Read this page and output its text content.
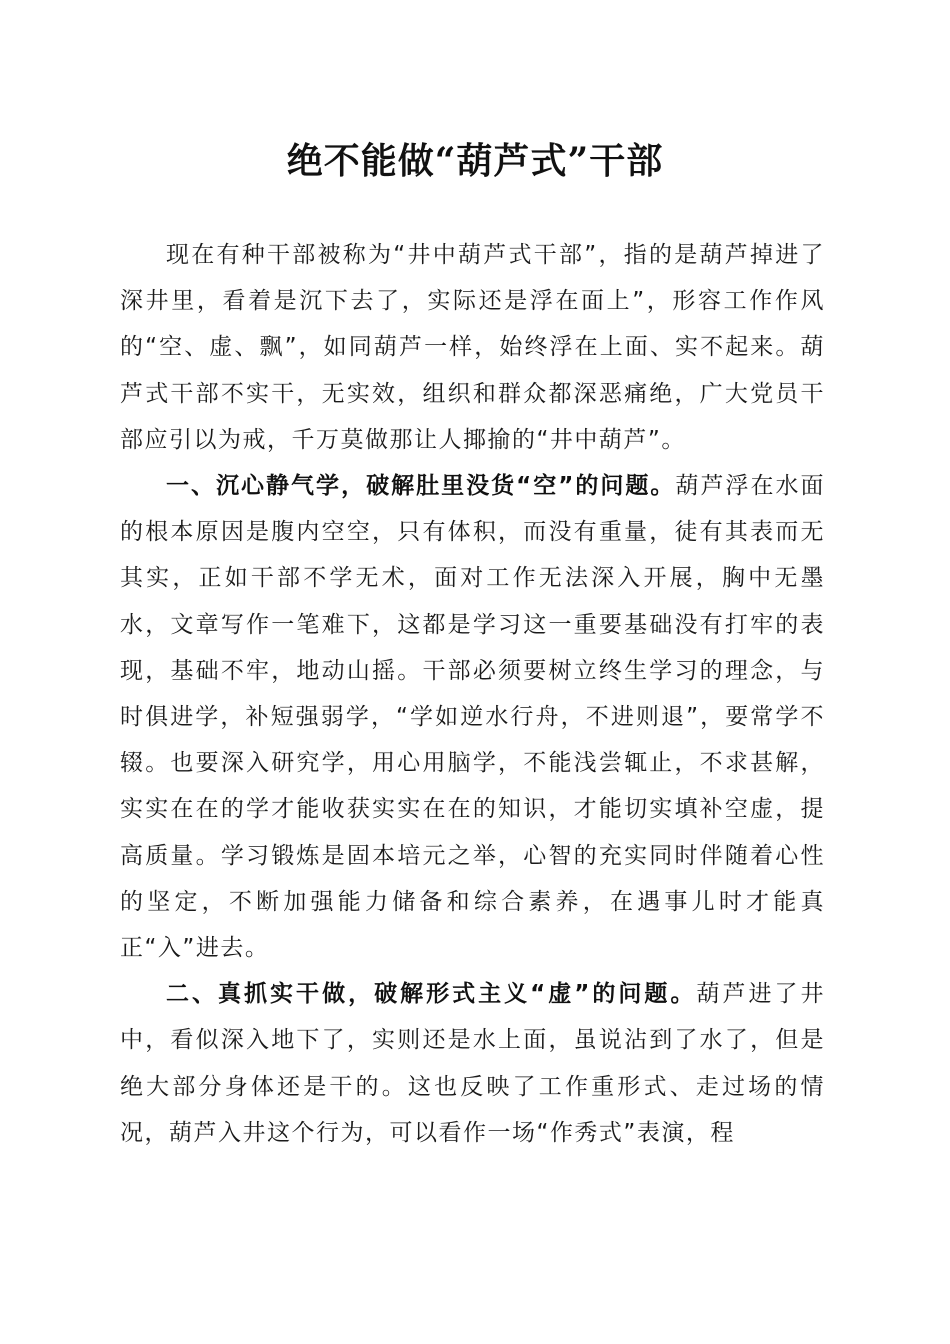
绝不能做“葫芦式”干部

现在有种干部被称为“井中葫芦式干部”，指的是葫芦掉进了深井里，看着是沉下去了，实际还是浮在面上”，形容工作作风的“空、虚、飘”，如同葫芦一样，始终浮在上面、实不起来。葫芦式干部不实干，无实效，组织和群众都深恶痛绝，广大党员干部应引以为戒，千万莫做那让人揶揄的“井中葫芦”。

一、沉心静气学，破解肚里没货“空”的问题。葫芦浮在水面的根本原因是腹内空空，只有体积，而没有重量，徒有其表而无其实，正如干部不学无术，面对工作无法深入开展，胸中无墨水，文章写作一笔难下，这都是学习这一重要基础没有打牢的表现，基础不牢，地动山摇。干部必须要树立终生学习的理念，与时俱进学，补短强弱学，“学如逆水行舟，不进则退”，要常学不辍。也要深入研究学，用心用脑学，不能浅尝辄止，不求甚解，实实在在的学才能收获实实在在的知识，才能切实填补空虚，提高质量。学习锻炼是固本培元之举，心智的充实同时伴随着心性的坚定，不断加强能力储备和综合素养，在遇事儿时才能真正“入”进去。

二、真抓实干做，破解形式主义“虚”的问题。葫芦进了井中，看似深入地下了，实则还是水上面，虽说沾到了水了，但是绝大部分身体还是干的。这也反映了工作重形式、走过场的情况，葫芦入井这个行为，可以看作一场“作秀式”表演，程
